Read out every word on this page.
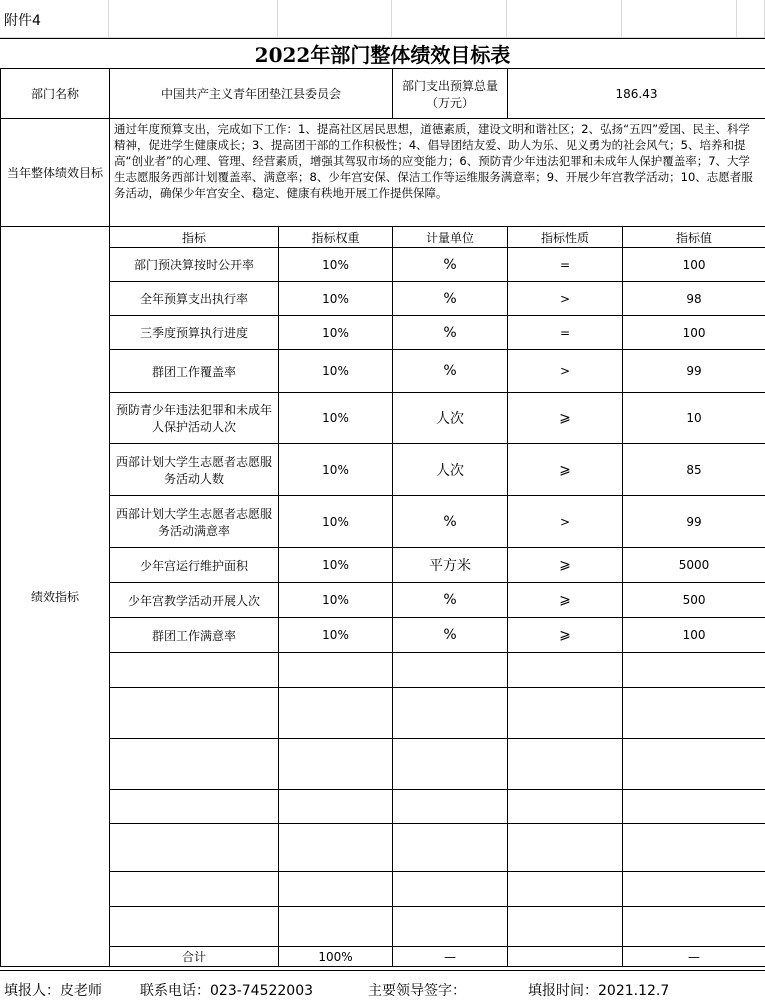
附件4
2022年部门整体绩效目标表
部门名称	中国共产主义青年团垫江县委员会		部门支出预算总量（万元）	186.43	
当年整体绩效目标	通过年度预算支出，完成如下工作：1、提高社区居民思想，道德素质，建设文明和谐社区；2、弘扬“五四”爱国、民主、科学精神，促进学生健康成长；3、提高团干部的工作积极性；4、倡导团结友爱、助人为乐、见义勇为的社会风气；5、培养和提高“创业者”的心理、管理、经营素质，增强其驾驭市场的应变能力；6、预防青少年违法犯罪和未成年人保护覆盖率；7、大学生志愿服务西部计划覆盖率、满意率；8、少年宫安保、保洁工作等运维服务满意率；9、开展少年宫教学活动；10、志愿者服务活动，确保少年宫安全、稳定、健康有秩地开展工作提供保障。				
绩效指标	指标	指标权重	计量单位	指标性质	指标值
	部门预决算按时公开率	10%	%	=	100
	全年预算支出执行率	10%	%	>	98
	三季度预算执行进度	10%	%	=	100
	群团工作覆盖率	10%	%	>	99
	预防青少年违法犯罪和未成年人保护活动人次	10%	人次	⩾	10
	西部计划大学生志愿者志愿服务活动人数	10%	人次	⩾	85
	西部计划大学生志愿者志愿服务活动满意率	10%	%	>	99
	少年宫运行维护面积	10%	平方米	⩾	5000
	少年宫教学活动开展人次	10%	%	⩾	500
	群团工作满意率	10%	%	⩾	100

	合计	100%	—		—
填报人：皮老师	联系电话：023-74522003	主要领导签字：	填报时间：2021.12.7
